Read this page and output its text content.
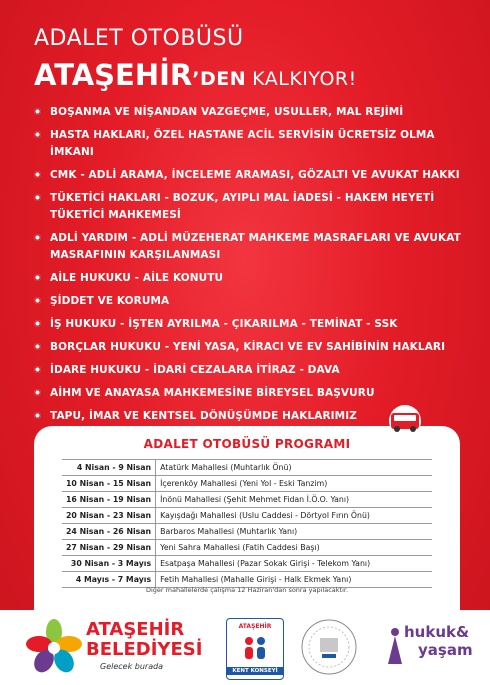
ADALET OTOBÜSÜ
ATAŞEHİR’DEN KALKIYOR!
BOŞANMA VE NİŞANDAN VAZGEÇME, USULLER, MAL REJİMİ
HASTA HAKLARI, ÖZEL HASTANE ACİL SERVİSİN ÜCRETSİZ OLMA İMKANI
CMK - ADLİ ARAMA, İNCELEME ARAMASI, GÖZALTI VE AVUKAT HAKKI
TÜKETİCİ HAKLARI - BOZUK, AYIPLI MAL İADESİ - HAKEM HEYETİ TÜKETİCİ MAHKEMESİ
ADLİ YARDIM - ADLİ MÜZEHERAT MAHKEME MASRAFLARI VE AVUKAT MASRAFININ KARŞILANMASI
AİLE HUKUKU - AİLE KONUTU
ŞİDDET VE KORUMA
İŞ HUKUKU - İŞTEN AYRILMA - ÇIKARILMA - TEMİNAT - SSK
BORÇLAR HUKUKU - YENİ YASA, KİRACI VE EV SAHİBİNİN HAKLARI
İDARE HUKUKU - İDARİ CEZALARA İTİRAZ - DAVA
AİHM VE ANAYASA MAHKEMESİNE BİREYSEL BAŞVURU
TAPU, İMAR VE KENTSEL DÖNÜŞÜMDE HAKLARIMIZ
ADALET OTOBÜSÜ PROGRAMI
4 Nisan - 9 Nisan	Atatürk Mahallesi (Muhtarlık Önü)
10 Nisan - 15 Nisan	İçerenköy Mahallesi (Yeni Yol - Eski Tanzim)
16 Nisan - 19 Nisan	İnönü Mahallesi (Şehit Mehmet Fidan İ.Ö.O. Yanı)
20 Nisan - 23 Nisan	Kayışdağı Mahallesi (Uslu Caddesi - Dörtyol Fırın Önü)
24 Nisan - 26 Nisan	Barbaros Mahallesi (Muhtarlık Yanı)
27 Nisan - 29 Nisan	Yeni Sahra Mahallesi (Fatih Caddesi Başı)
30 Nisan - 3 Mayıs	Esatpaşa Mahallesi (Pazar Sokak Girişi - Telekom Yanı)
4 Mayıs - 7 Mayıs	Fetih Mahallesi (Mahalle Girişi - Halk Ekmek Yanı)
Diğer mahallelerde çalışma 12 Haziran'dan sonra yapılacaktır.
ATAŞEHİR
BELEDİYESİ
Gelecek burada
ATAŞEHİR
KENT KONSEYİ
hukuk&
yaşam
